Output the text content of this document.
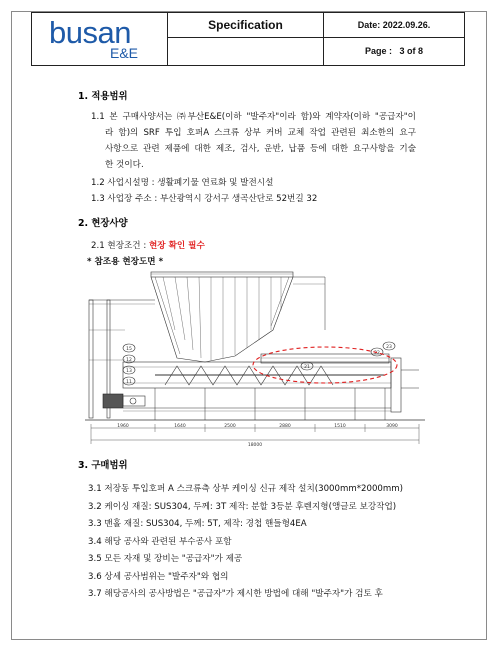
busan
E&E
Specification	Date: 2022.09.26.
Page : 3 of 8
1. 적용범위
1.1 본 구매사양서는 ㈜부산E&E(이하 "발주자"이라 함)와 계약자(이하 "공급자"이
라 함)의 SRF 투입 호퍼A 스크류 상부 커버 교체 작업 관련된 최소한의 요구
사항으로 관련 제품에 대한 제조, 검사, 운반, 납품 등에 대한 요구사항을 기술
한 것이다.
1.2 사업시설명 : 생활폐기물 연료화 및 발전시설
1.3 사업장 주소 : 부산광역시 강서구 생곡산단로 52번길 32
2. 현장사양
2.1 현장조건 : 현장 확인 필수
* 참조용 현장도면 *
1960	1640	2500	2880	1510	3090
18000
15
12
13
11
21
22
23
3. 구매범위
3.1 저장동 투입호퍼 A 스크류측 상부 케이싱 신규 제작 설치(3000mm*2000mm)
3.2 케이싱 재질: SUS304, 두께: 3T 제작: 분할 3등분 후렌지형(앵글로 보강작업)
3.3 맨홀 재질: SUS304, 두께: 5T, 제작: 경첩 핸들형4EA
3.4 해당 공사와 관련된 부수공사 포함
3.5 모든 자재 및 장비는 "공급자"가 제공
3.6 상세 공사범위는 "발주자"와 협의
3.7 해당공사의 공사방법은 "공급자"가 제시한 방법에 대해 "발주자"가 검토 후
